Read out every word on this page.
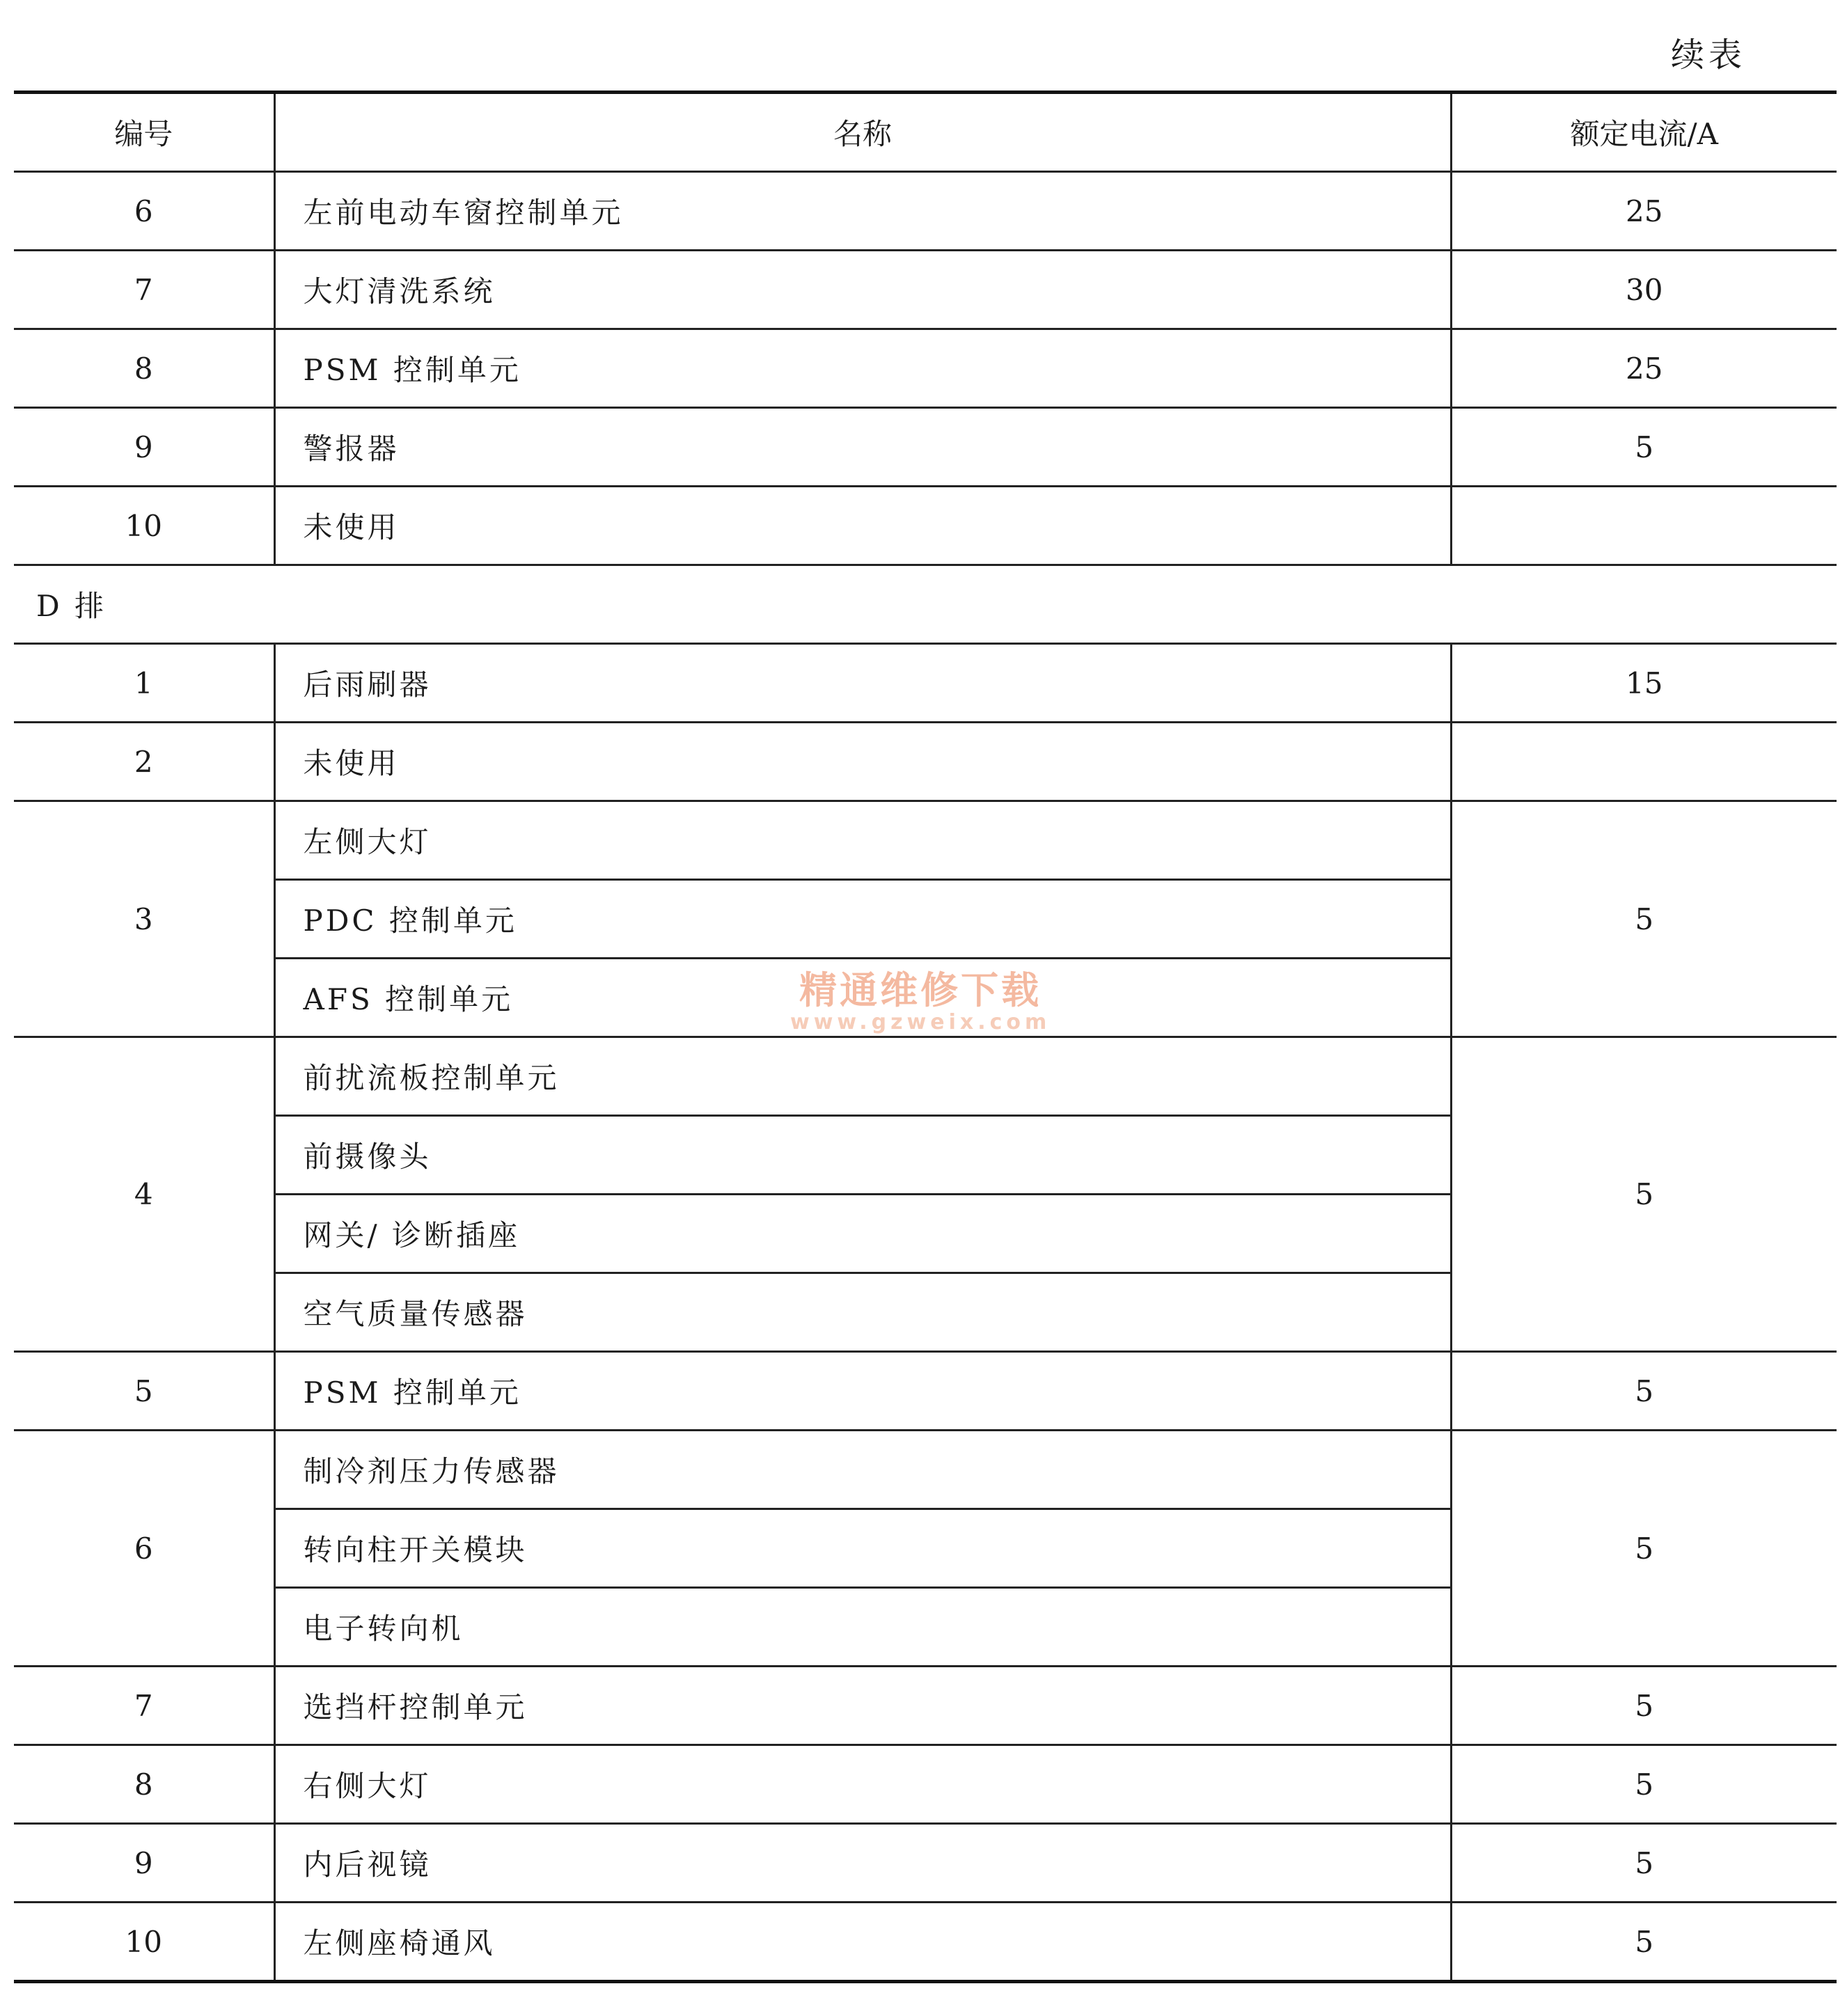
续表
编号	名称	额定电流/A
6	左前电动车窗控制单元	25
7	大灯清洗系统	30
8	PSM 控制单元	25
9	警报器	5
10	未使用	
D 排		
1	后雨刷器	15
2	未使用	
3	左侧大灯	5
	PDC 控制单元	
	AFS 控制单元	
4	前扰流板控制单元	5
	前摄像头	
	网关/ 诊断插座	
	空气质量传感器	
5	PSM 控制单元	5
6	制冷剂压力传感器	5
	转向柱开关模块	
	电子转向机	
7	选挡杆控制单元	5
8	右侧大灯	5
9	内后视镜	5
10	左侧座椅通风	5
精通维修下载
www.gzweix.com
